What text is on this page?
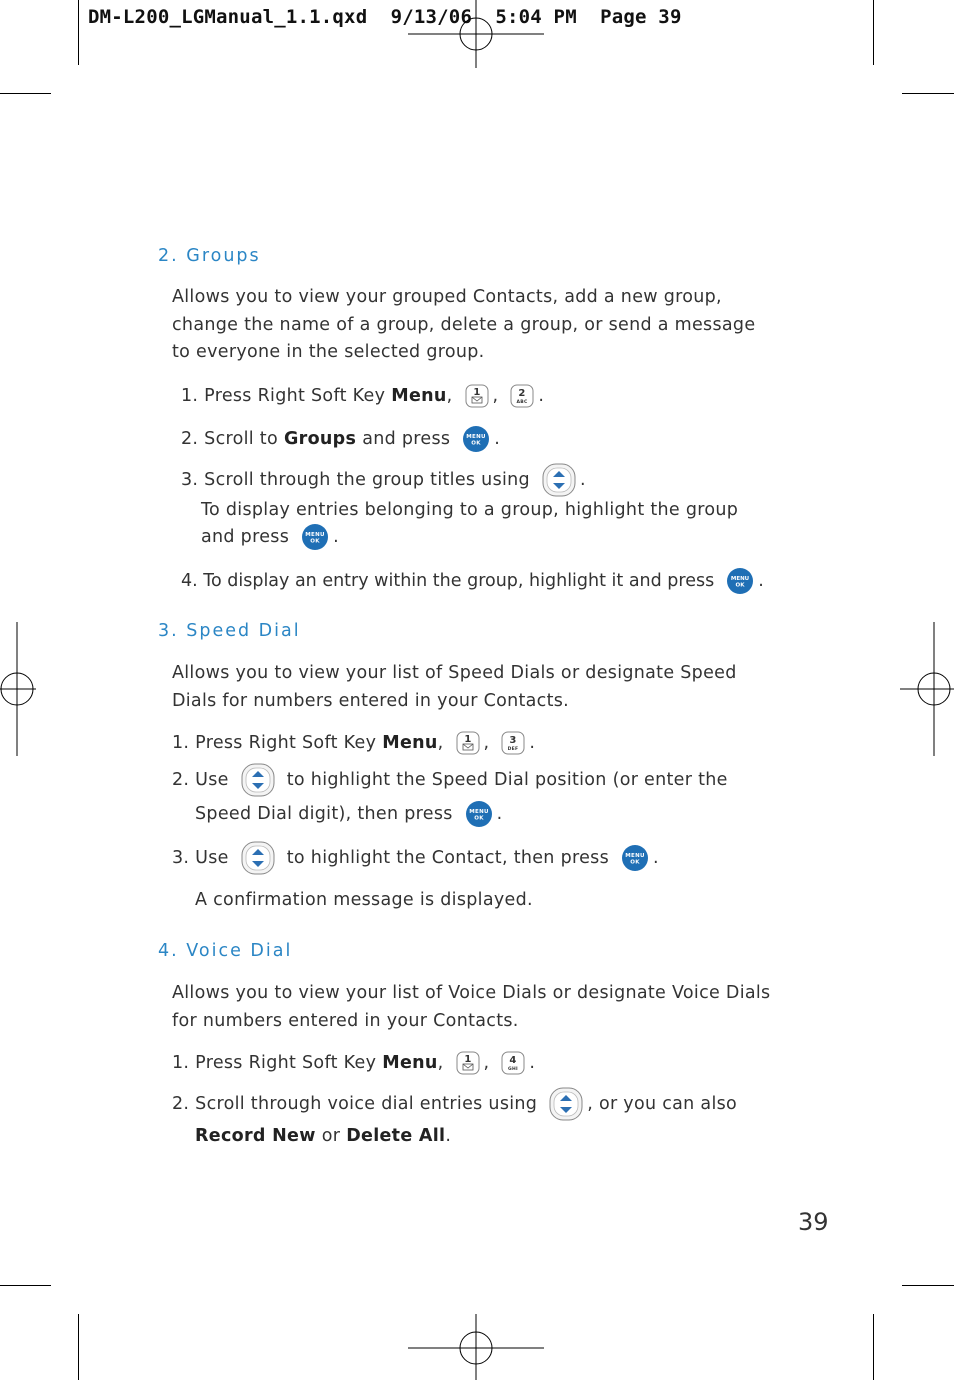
DM-L200_LGManual_1.1.qxd  9/13/06  5:04 PM  Page 39
2. Groups
Allows you to view your grouped Contacts, add a new group,
change the name of a group, delete a group, or send a message
to everyone in the selected group.
1. Press Right Soft Key Menu , 1 , 2
ABC .
2. Scroll to Groups and press	MENU
OK .
3. Scroll through the group titles using	.
To display entries belonging to a group, highlight the group
and press	MENU
OK .
4. To display an entry within the group, highlight it and press	MENU
OK .
3. Speed Dial
Allows you to view your list of Speed Dials or designate Speed
Dials for numbers entered in your Contacts.
1. Press Right Soft Key Menu , 1 , 3
DEF .
2. Use	to highlight the Speed Dial position (or enter the
Speed Dial digit), then press	MENU
OK .
3. Use	to highlight the Contact, then press	MENU
OK .
A confirmation message is displayed.
4. Voice Dial
Allows you to view your list of Voice Dials or designate Voice Dials
for numbers entered in your Contacts.
1. Press Right Soft Key Menu , 1 , 4
GHI .
2. Scroll through voice dial entries using	, or you can also
Record New or Delete All .
39
